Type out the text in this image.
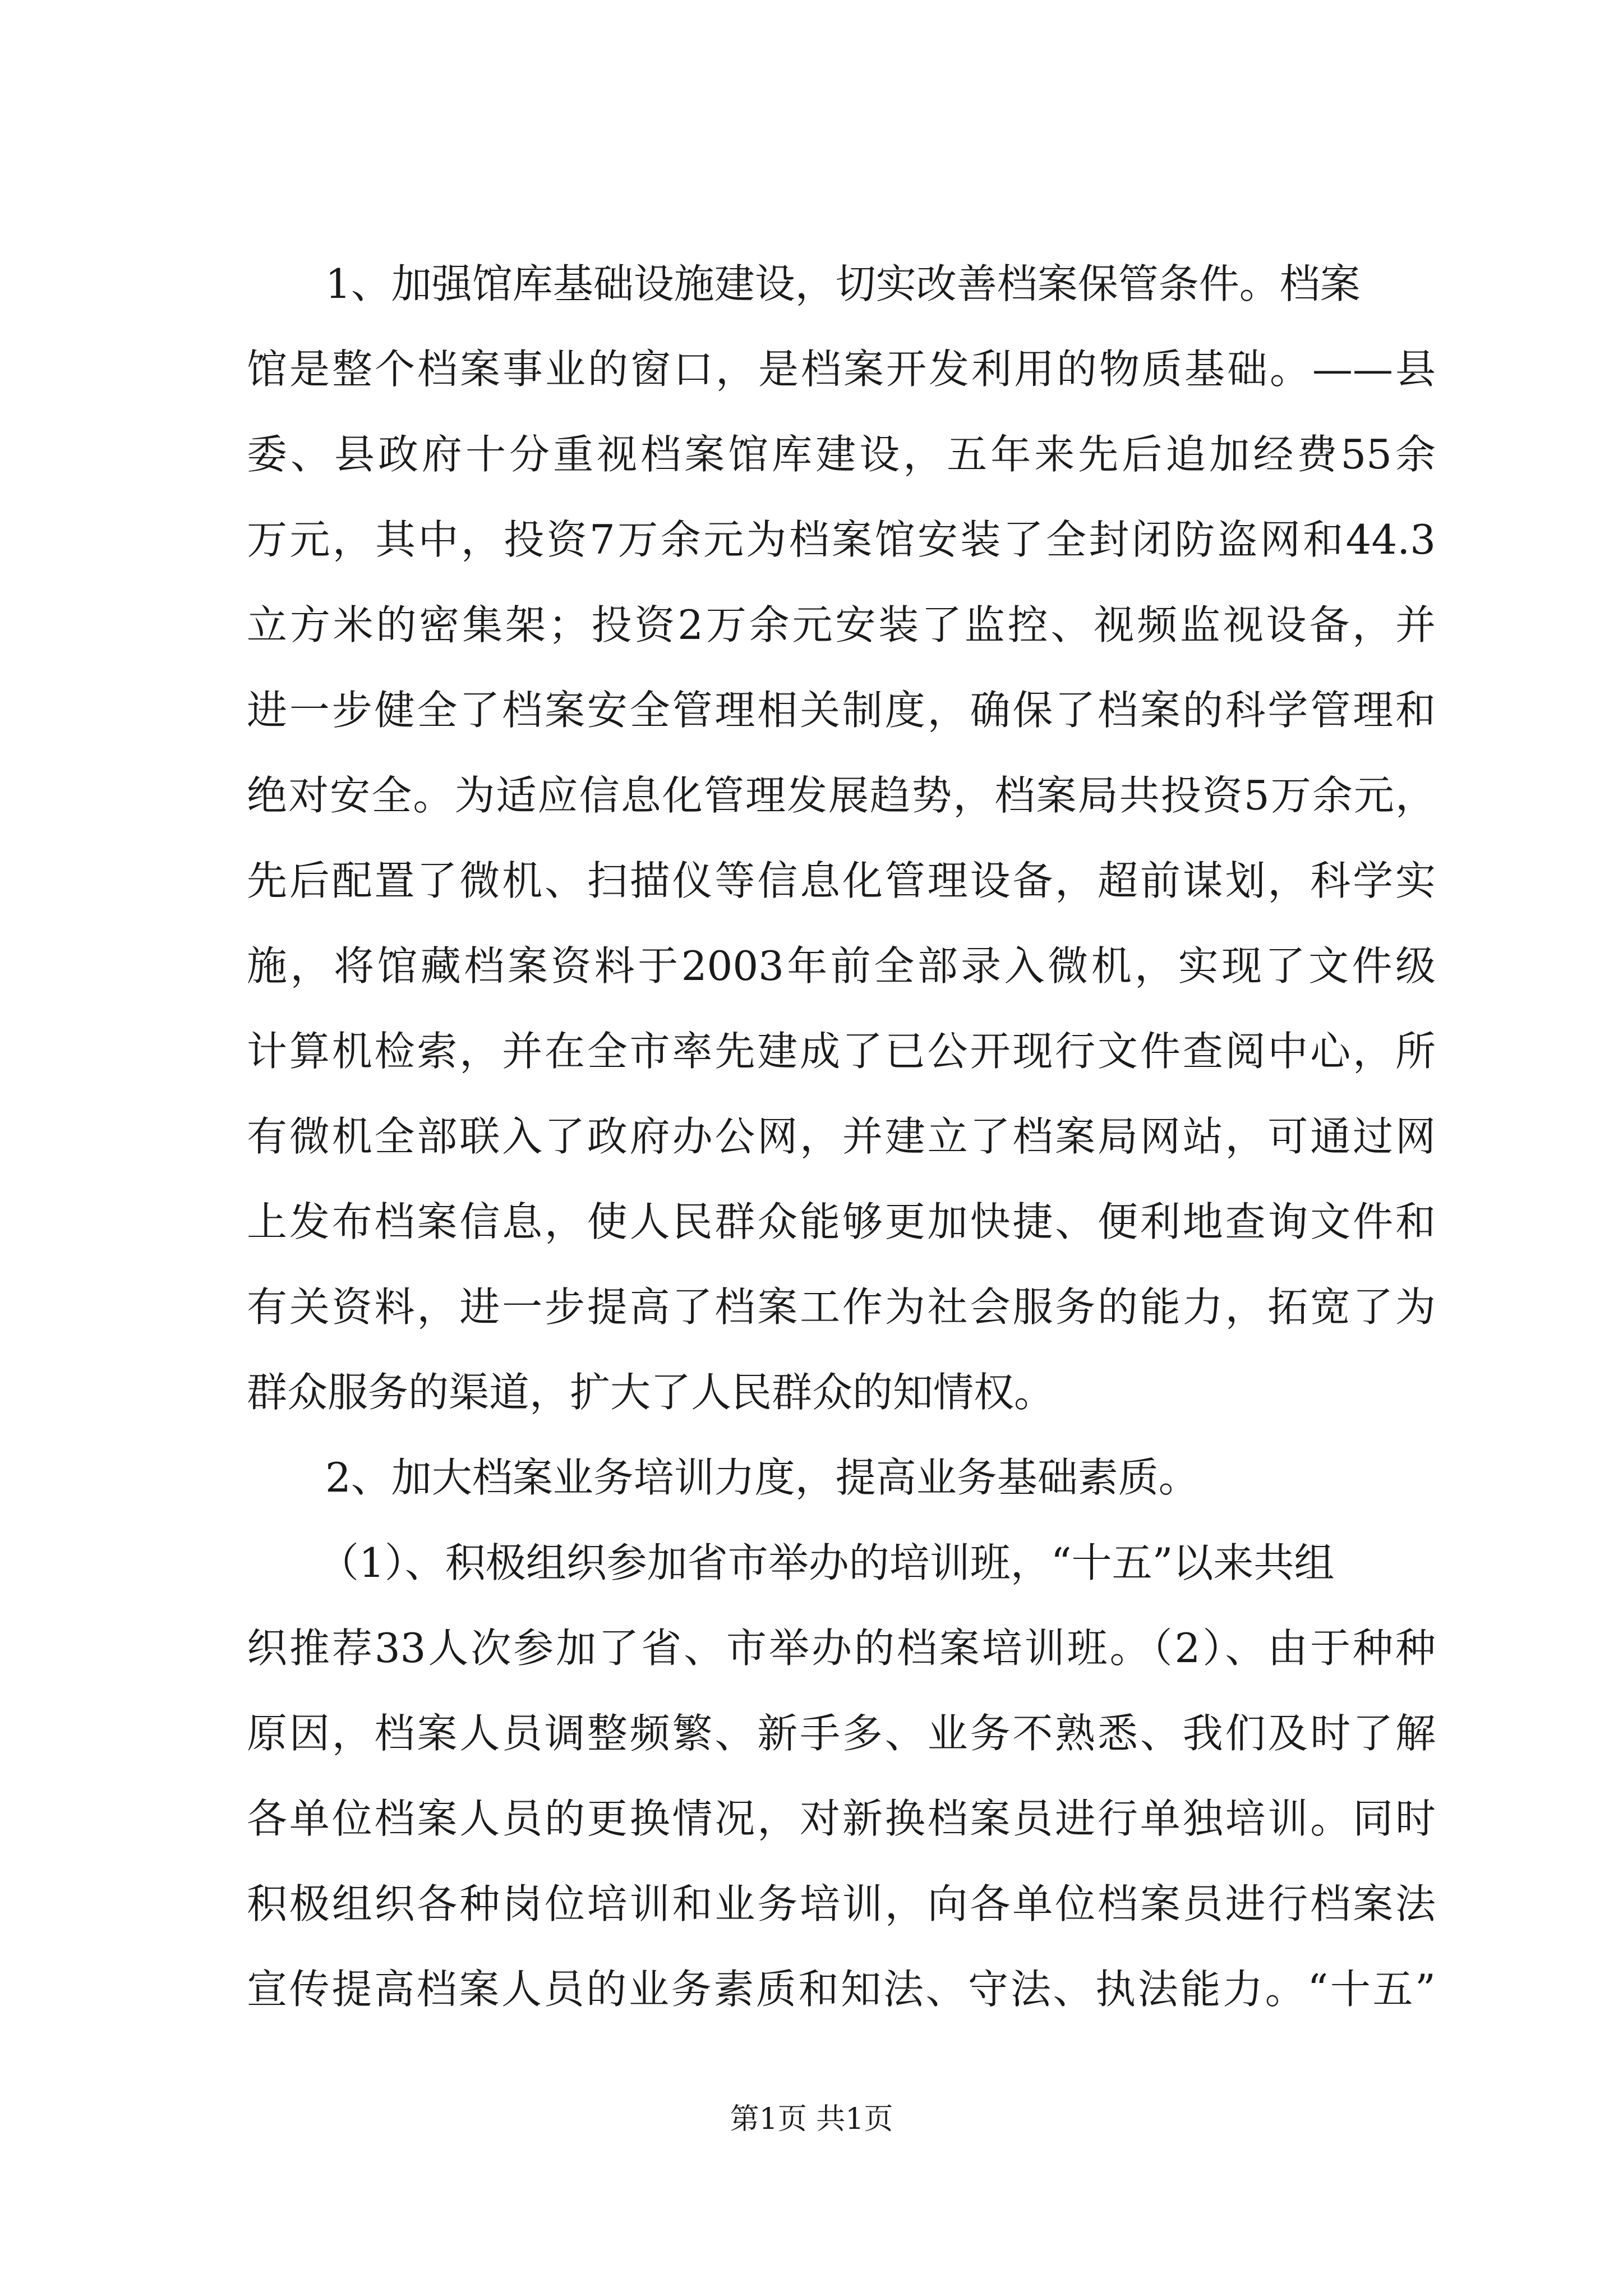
1、加强馆库基础设施建设，切实改善档案保管条件。档案
馆是整个档案事业的窗口，是档案开发利用的物质基础。——县
委、县政府十分重视档案馆库建设，五年来先后追加经费55余
万元，其中，投资7万余元为档案馆安装了全封闭防盗网和44.3
立方米的密集架；投资2万余元安装了监控、视频监视设备，并
进一步健全了档案安全管理相关制度，确保了档案的科学管理和
绝对安全。为适应信息化管理发展趋势，档案局共投资5万余元，
先后配置了微机、扫描仪等信息化管理设备，超前谋划，科学实
施，将馆藏档案资料于2003年前全部录入微机，实现了文件级
计算机检索，并在全市率先建成了已公开现行文件查阅中心，所
有微机全部联入了政府办公网，并建立了档案局网站，可通过网
上发布档案信息，使人民群众能够更加快捷、便利地查询文件和
有关资料，进一步提高了档案工作为社会服务的能力，拓宽了为
群众服务的渠道，扩大了人民群众的知情权。
2、加大档案业务培训力度，提高业务基础素质。
（1）、积极组织参加省市举办的培训班，“十五”以来共组
织推荐33人次参加了省、市举办的档案培训班。（2）、由于种种
原因，档案人员调整频繁、新手多、业务不熟悉、我们及时了解
各单位档案人员的更换情况，对新换档案员进行单独培训。同时
积极组织各种岗位培训和业务培训，向各单位档案员进行档案法
宣传提高档案人员的业务素质和知法、守法、执法能力。“十五”
第1页 共1页
